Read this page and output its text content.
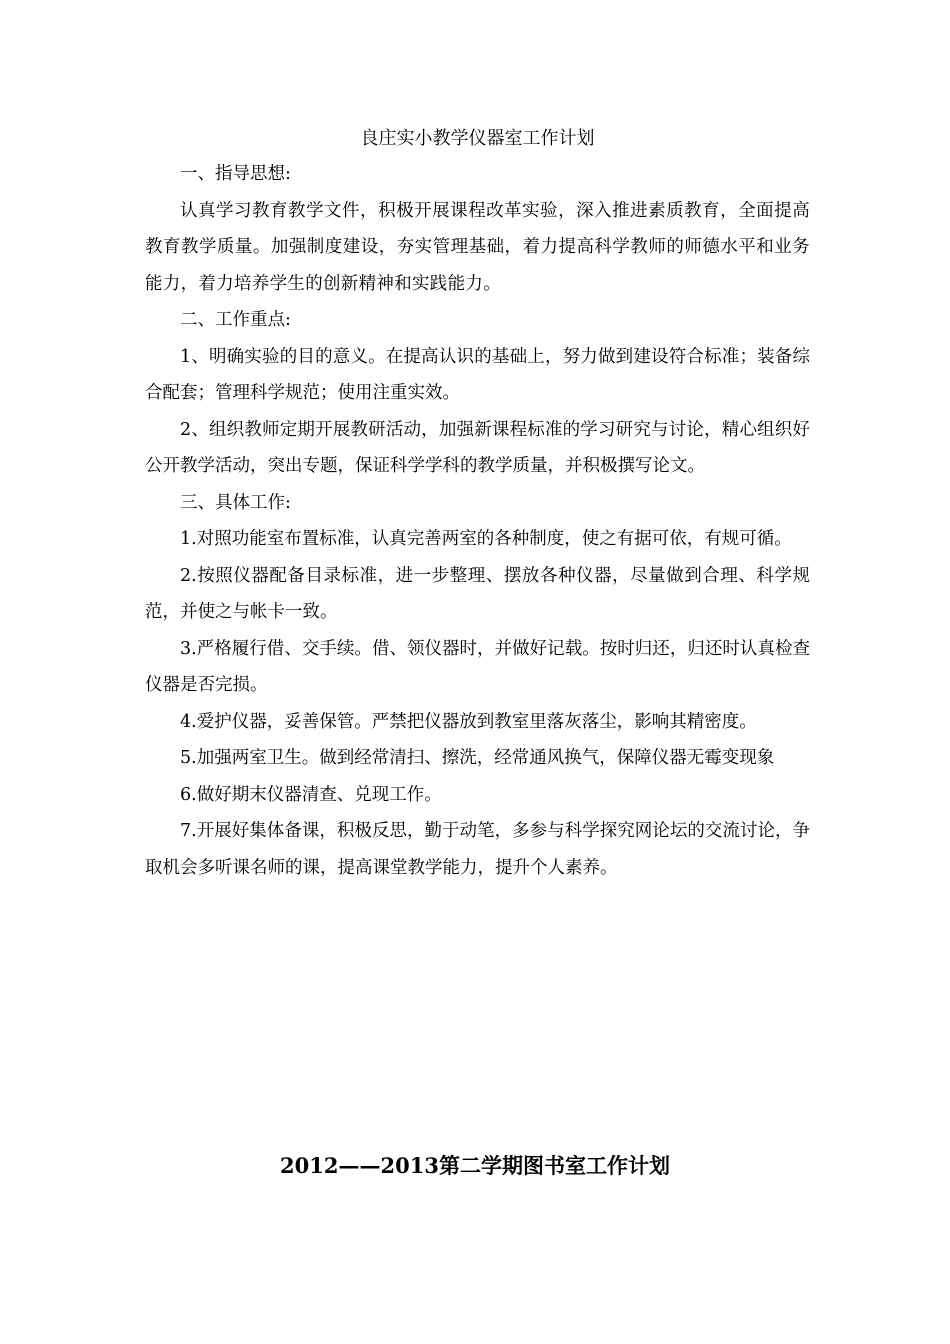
良庄实小教学仪器室工作计划

一、指导思想:

认真学习教育教学文件，积极开展课程改革实验，深入推进素质教育，全面提高教育教学质量。加强制度建设，夯实管理基础，着力提高科学教师的师德水平和业务能力，着力培养学生的创新精神和实践能力。

二、工作重点:

1、明确实验的目的意义。在提高认识的基础上，努力做到建设符合标准；装备综合配套；管理科学规范；使用注重实效。

2、组织教师定期开展教研活动，加强新课程标准的学习研究与讨论，精心组织好公开教学活动，突出专题，保证科学学科的教学质量，并积极撰写论文。

三、具体工作:

1.对照功能室布置标准，认真完善两室的各种制度，使之有据可依，有规可循。

2.按照仪器配备目录标准，进一步整理、摆放各种仪器，尽量做到合理、科学规范，并使之与帐卡一致。

3.严格履行借、交手续。借、领仪器时，并做好记载。按时归还，归还时认真检查仪器是否完损。

4.爱护仪器，妥善保管。严禁把仪器放到教室里落灰落尘，影响其精密度。

5.加强两室卫生。做到经常清扫、擦洗，经常通风换气，保障仪器无霉变现象

6.做好期末仪器清查、兑现工作。

7.开展好集体备课，积极反思，勤于动笔，多参与科学探究网论坛的交流讨论，争取机会多听课名师的课，提高课堂教学能力，提升个人素养。

2012——2013第二学期图书室工作计划
